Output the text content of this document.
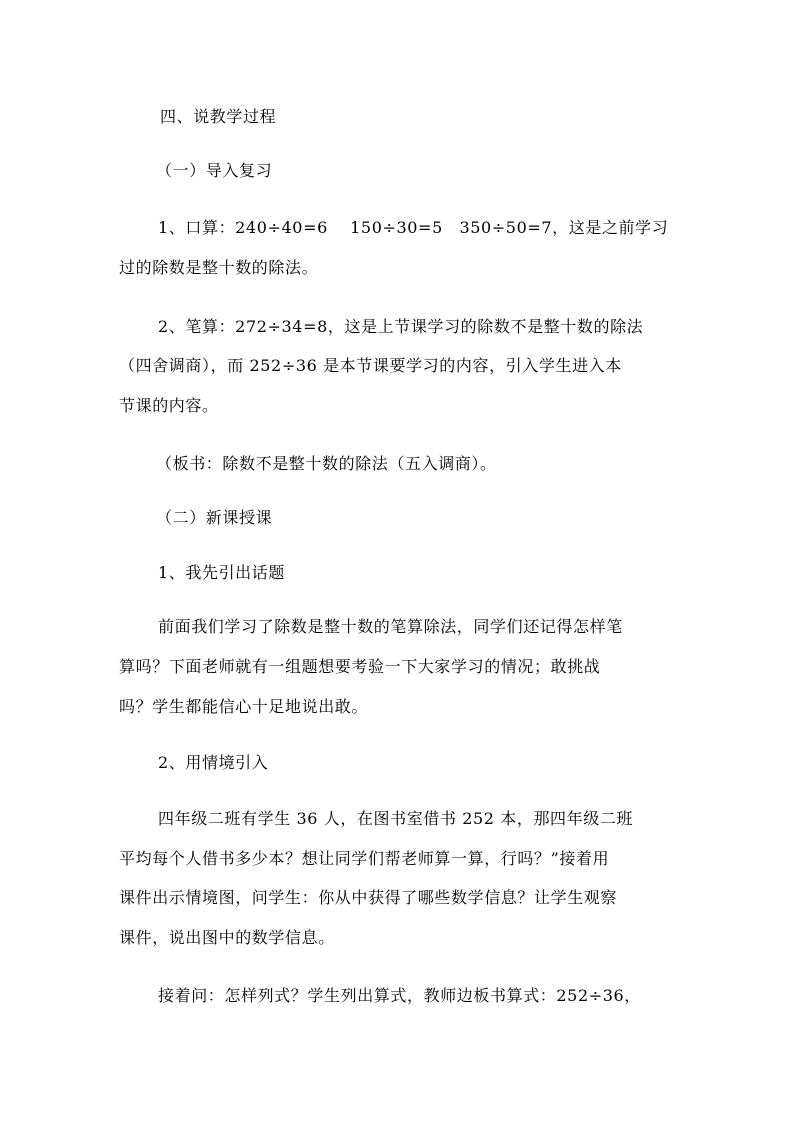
四、说教学过程
（一）导入复习
1、口算：240÷40=6　 150÷30=5　350÷50=7，这是之前学习
过的除数是整十数的除法。
2、笔算：272÷34=8，这是上节课学习的除数不是整十数的除法
（四舍调商），而 252÷36 是本节课要学习的内容，引入学生进入本
节课的内容。
（板书：除数不是整十数的除法（五入调商）。
（二）新课授课
1、我先引出话题
前面我们学习了除数是整十数的笔算除法，同学们还记得怎样笔
算吗？下面老师就有一组题想要考验一下大家学习的情况；敢挑战
吗？学生都能信心十足地说出敢。
2、用情境引入
四年级二班有学生 36 人，在图书室借书 252 本，那四年级二班
平均每个人借书多少本？想让同学们帮老师算一算，行吗？”接着用
课件出示情境图，问学生：你从中获得了哪些数学信息？让学生观察
课件，说出图中的数学信息。
接着问：怎样列式？学生列出算式，教师边板书算式：252÷36，
